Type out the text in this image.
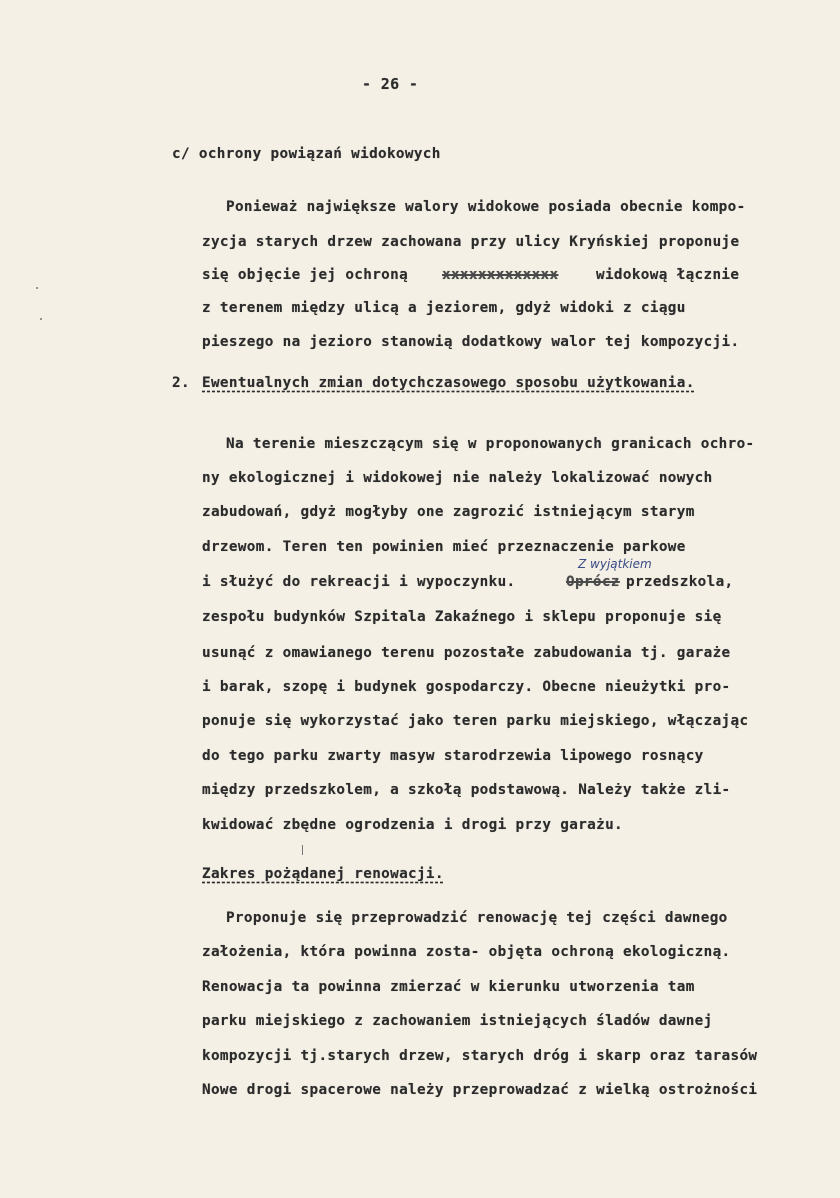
- 26 -
c/ ochrony powiązań widokowych
Ponieważ największe walory widokowe posiada obecnie kompo-
zycja starych drzew zachowana przy ulicy Kryńskiej proponuje
się objęcie jej ochroną xxxxxxxxxxxxx	widokową łącznie
z terenem między ulicą a jeziorem, gdyż widoki z ciągu
pieszego na jezioro stanowią dodatkowy walor tej kompozycji.
2. Ewentualnych zmian dotychczasowego sposobu użytkowania.
Na terenie mieszczącym się w proponowanych granicach ochro-
ny ekologicznej i widokowej nie należy lokalizować nowych
zabudowań, gdyż mogłyby one zagrozić istniejącym starym
drzewom. Teren ten powinien mieć przeznaczenie parkowe
Z wyjątkiem
i służyć do rekreacji i wypoczynku.	Oprócz przedszkola,
zespołu budynków Szpitala Zakaźnego i sklepu proponuje się
usunąć z omawianego terenu pozostałe zabudowania tj. garaże
i barak, szopę i budynek gospodarczy. Obecne nieużytki pro-
ponuje się wykorzystać jako teren parku miejskiego, włączając
do tego parku zwarty masyw starodrzewia lipowego rosnący
między przedszkolem, a szkołą podstawową. Należy także zli-
kwidować zbędne ogrodzenia i drogi przy garażu.
Zakres pożądanej renowacji.
Proponuje się przeprowadzić renowację tej części dawnego
założenia, która powinna zosta- objęta ochroną ekologiczną.
Renowacja ta powinna zmierzać w kierunku utworzenia tam
parku miejskiego z zachowaniem istniejących śladów dawnej
kompozycji tj.starych drzew, starych dróg i skarp oraz tarasów
Nowe drogi spacerowe należy przeprowadzać z wielką ostrożności
